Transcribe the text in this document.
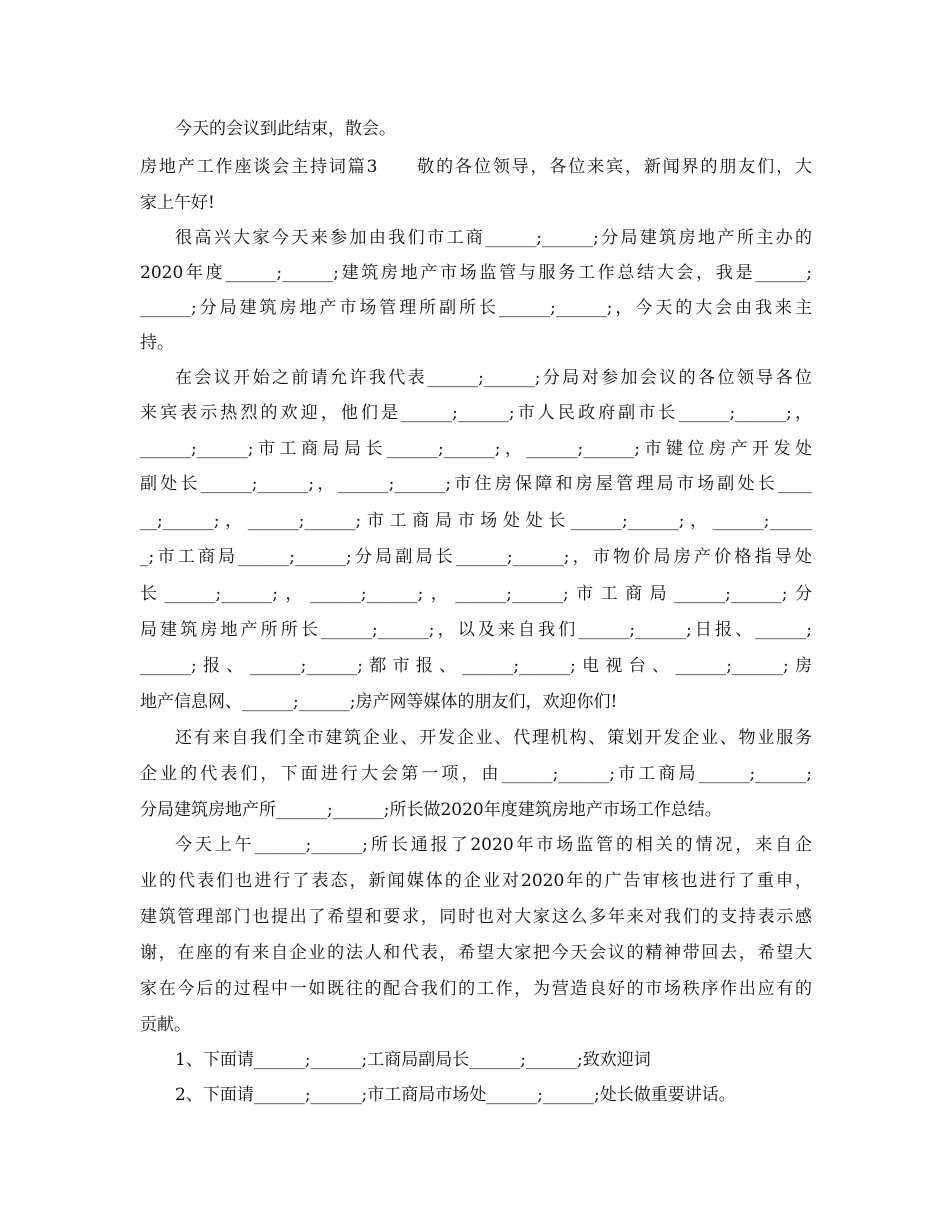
今天的会议到此结束，散会。
房地产工作座谈会主持词篇3　　敬的各位领导，各位来宾，新闻界的朋友们，大
家上午好!
很高兴大家今天来参加由我们市工商______;______;分局建筑房地产所主办的
2020年度______;______;建筑房地产市场监管与服务工作总结大会，我是______;
______;分局建筑房地产市场管理所副所长______;______;，今天的大会由我来主
持。
在会议开始之前请允许我代表______;______;分局对参加会议的各位领导各位
来宾表示热烈的欢迎，他们是______;______;市人民政府副市长______;______;，
______;______;市工商局局长______;______;，______;______;市键位房产开发处
副处长______;______;，______;______;市住房保障和房屋管理局市场副处长____
__;______;，______;______;市工商局市场处处长______;______;，______;_____
_;市工商局______;______;分局副局长______;______;，市物价局房产价格指导处
长______;______;，______;______;，______;______;市工商局______;______;分
局建筑房地产所所长______;______;，以及来自我们______;______;日报、______;
______;报、______;______;都市报、______;______;电视台、______;______;房
地产信息网、______;______;房产网等媒体的朋友们，欢迎你们!
还有来自我们全市建筑企业、开发企业、代理机构、策划开发企业、物业服务
企业的代表们，下面进行大会第一项，由______;______;市工商局______;______;
分局建筑房地产所______;______;所长做2020年度建筑房地产市场工作总结。
今天上午______;______;所长通报了2020年市场监管的相关的情况，来自企
业的代表们也进行了表态，新闻媒体的企业对2020年的广告审核也进行了重申，
建筑管理部门也提出了希望和要求，同时也对大家这么多年来对我们的支持表示感
谢，在座的有来自企业的法人和代表，希望大家把今天会议的精神带回去，希望大
家在今后的过程中一如既往的配合我们的工作，为营造良好的市场秩序作出应有的
贡献。
1、下面请______;______;工商局副局长______;______;致欢迎词
2、下面请______;______;市工商局市场处______;______;处长做重要讲话。
